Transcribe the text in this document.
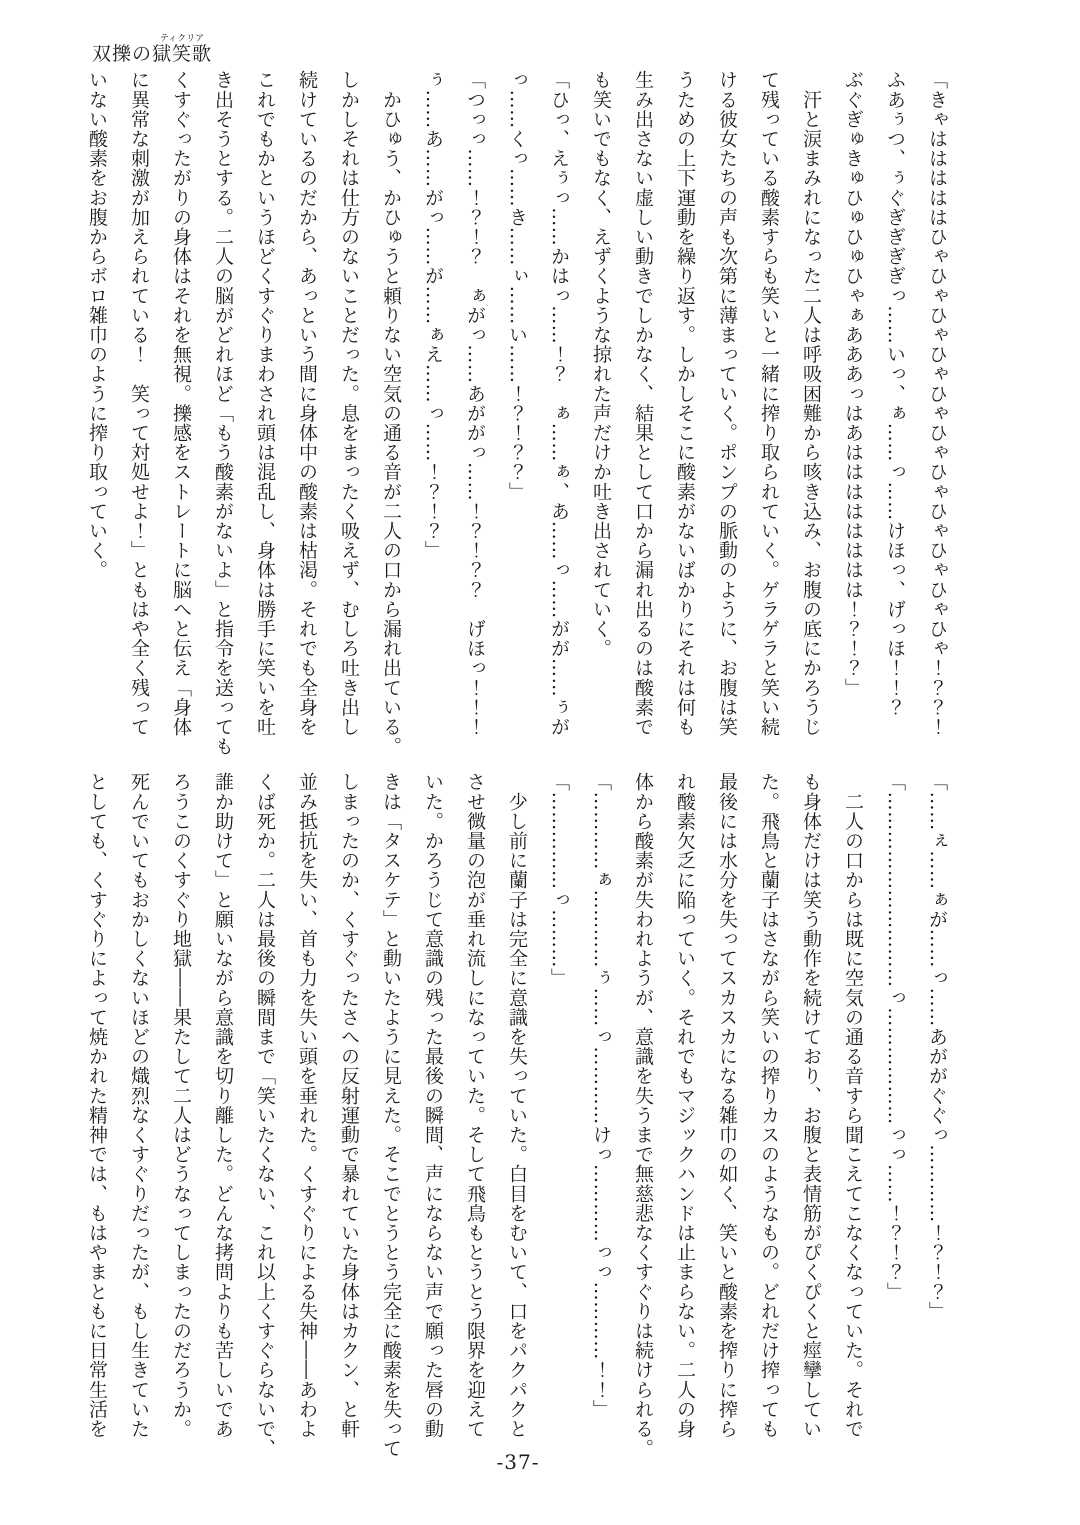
双擽の獄笑歌ティクリア

「きゃはははははひゃひゃひゃひゃひゃひゃひゃひゃひゃひゃひゃ！？？！

ふあぅつ、ぅぐぎぎぎぎっ……いっ、ぁ……っ……けほっ、げっほ！！？

ぶぐぎゅきゅひゅひゅひゃぁあああっはあはははははははは！？！？」

　汗と涙まみれになった二人は呼吸困難から咳き込み、お腹の底にかろうじ

て残っている酸素すらも笑いと一緒に搾り取られていく。ゲラゲラと笑い続

ける彼女たちの声も次第に薄まっていく。ポンプの脈動のように、お腹は笑

うための上下運動を繰り返す。しかしそこに酸素がないばかりにそれは何も

生み出さない虚しい動きでしかなく、結果として口から漏れ出るのは酸素で

も笑いでもなく、えずくような掠れた声だけか吐き出されていく。

「ひっ、えぅっ……かはっ……！？　ぁ……ぁ、あ……っ……がが……ぅが

っ……くっ……き……ぃ……い……！？！？？」

「つっっ……！？！？　ぁがっ……あががっ……！？！？？　げほっ！！！

ぅ……あ……がっ……が……ぁえ……っ……！？！？」

　かひゅう、かひゅうと頼りない空気の通る音が二人の口から漏れ出ている。

しかしそれは仕方のないことだった。息をまったく吸えず、むしろ吐き出し

続けているのだから、あっという間に身体中の酸素は枯渇。それでも全身を

これでもかというほどくすぐりまわされ頭は混乱し、身体は勝手に笑いを吐

き出そうとする。二人の脳がどれほど「もう酸素がないよ」と指令を送っても

くすぐったがりの身体はそれを無視。擽感をストレートに脳へと伝え「身体

に異常な刺激が加えられている！　笑って対処せよ！」ともはや全く残って

いない酸素をお腹からボロ雑巾のように搾り取っていく。

「……ぇ……ぁが……っ……あががぐぐっ…………！？！？」

「…………………………っ………………っっ……！？！？」

　二人の口からは既に空気の通る音すら聞こえてこなくなっていた。それで

も身体だけは笑う動作を続けており、お腹と表情筋がぴくぴくと痙攣してい

た。飛鳥と蘭子はさながら笑いの搾りカスのようなもの。どれだけ搾っても

最後には水分を失ってスカスカになる雑巾の如く、笑いと酸素を搾りに搾ら

れ酸素欠乏に陥っていく。それでもマジックハンドは止まらない。二人の身

体から酸素が失われようが、意識を失うまで無慈悲なくすぐりは続けられる。

「…………ぁ…………ぅ……っ…………けっ…………っっ…………！！」

「……………っ………」

　少し前に蘭子は完全に意識を失っていた。白目をむいて、口をパクパクと

させ微量の泡が垂れ流しになっていた。そして飛鳥もとうとう限界を迎えて

いた。かろうじて意識の残った最後の瞬間、声にならない声で願った唇の動

きは「タスケテ」と動いたように見えた。そこでとうとう完全に酸素を失って

しまったのか、くすぐったさへの反射運動で暴れていた身体はカクン、と軒

並み抵抗を失い、首も力を失い頭を垂れた。くすぐりによる失神――あわよ

くば死か。二人は最後の瞬間まで「笑いたくない、これ以上くすぐらないで、

誰か助けて」と願いながら意識を切り離した。どんな拷問よりも苦しいであ

ろうこのくすぐり地獄――果たして二人はどうなってしまったのだろうか。

死んでいてもおかしくないほどの熾烈なくすぐりだったが、もし生きていた

としても、くすぐりによって焼かれた精神では、もはやまともに日常生活を

-37-
